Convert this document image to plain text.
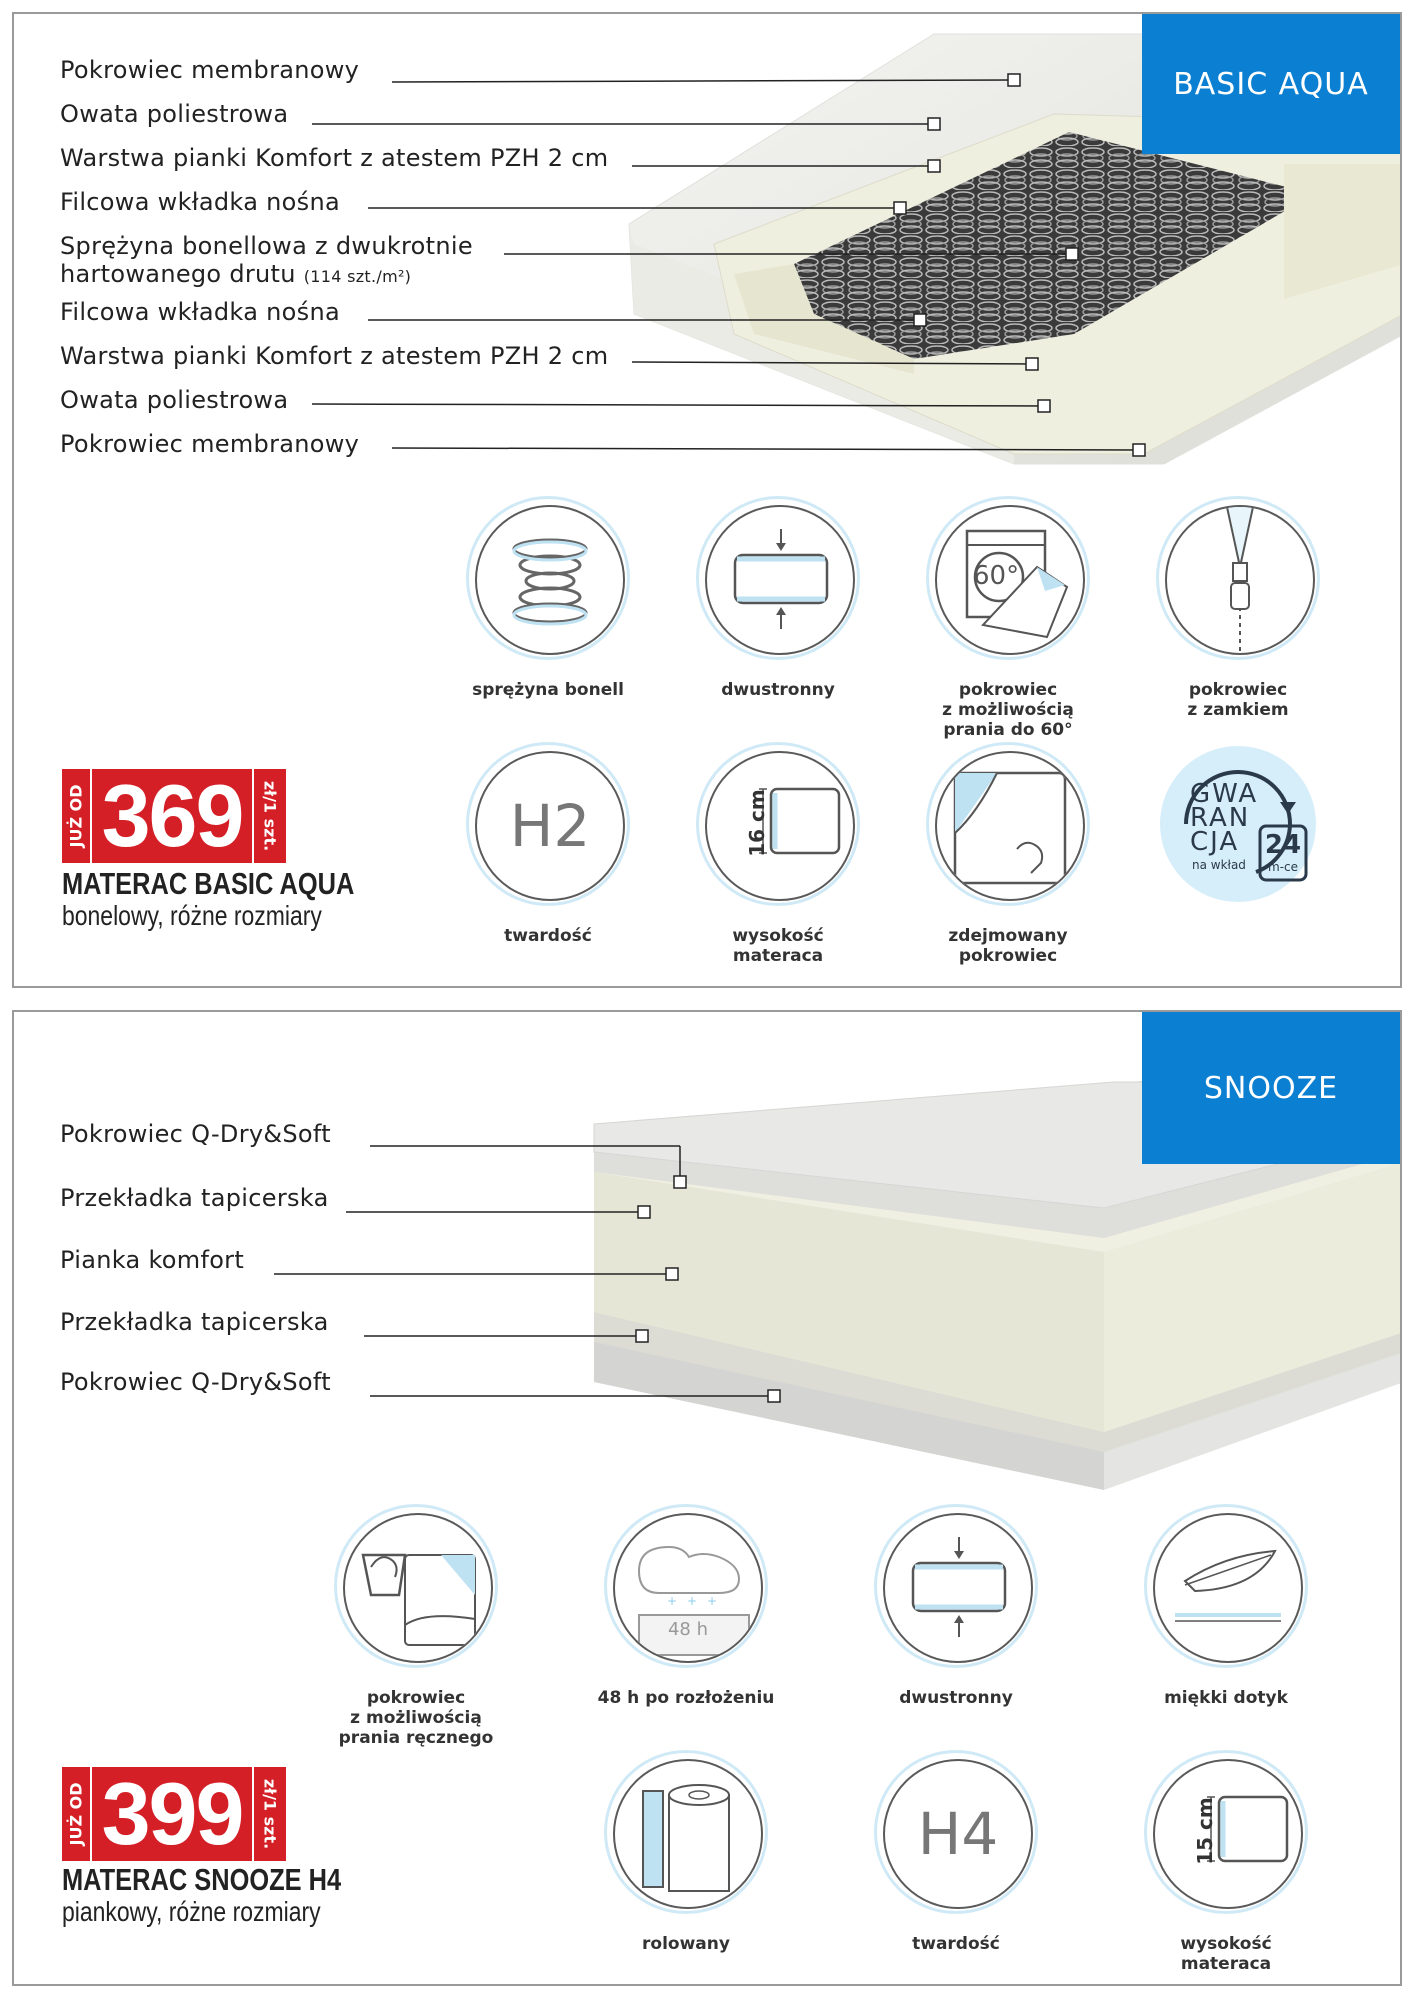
BASIC AQUA
Pokrowiec membranowy
Owata poliestrowa
Warstwa pianki Komfort z atestem PZH 2 cm
Filcowa wkładka nośna
Sprężyna bonellowa z dwukrotnie
hartowanego drutu (114 szt./m²)
Filcowa wkładka nośna
Warstwa pianki Komfort z atestem PZH 2 cm
Owata poliestrowa
Pokrowiec membranowy
sprężyna bonell	dwustronny
60°
pokrowiec
z możliwością
prania do 60°
pokrowiec
z zamkiem
H2
twardość
16 cm
wysokość
materaca
zdejmowany
pokrowiec
GWA
RAN
CJA
na wkład
24
m-ce
JUŻ OD 369	zł/1 szt.
MATERAC BASIC AQUA
bonelowy, różne rozmiary
SNOOZE
Pokrowiec Q-Dry&Soft
Przekładka tapicerska
Pianka komfort
Przekładka tapicerska
Pokrowiec Q-Dry&Soft
pokrowiec
z możliwością
prania ręcznego
+ + +
48 h
48 h po rozłożeniu	dwustronny	miękki dotyk
rolowany
H4
twardość
15 cm
wysokość
materaca
JUŻ OD 399	zł/1 szt.
MATERAC SNOOZE H4
piankowy, różne rozmiary
